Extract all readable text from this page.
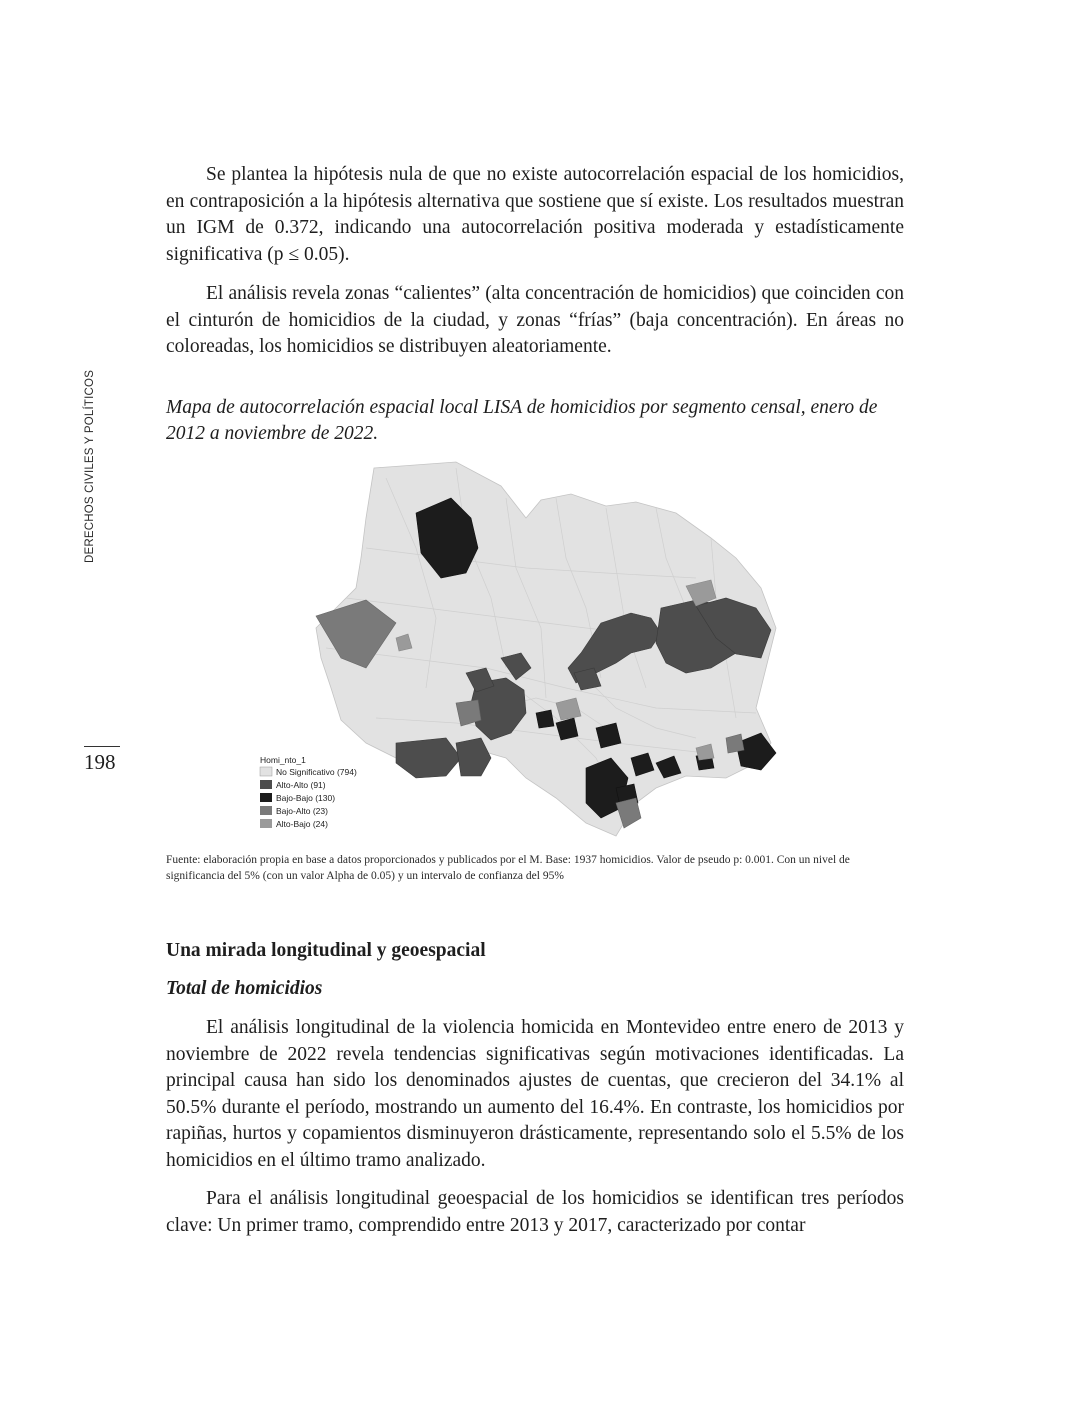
DERECHOS CIVILES Y POLÍTICOS
198

Se plantea la hipótesis nula de que no existe autocorrelación espacial de los homicidios, en contraposición a la hipótesis alternativa que sostiene que sí existe. Los resultados muestran un IGM de 0.372, indicando una autocorrelación positiva moderada y estadísticamente significativa (p ≤ 0.05).

El análisis revela zonas “calientes” (alta concentración de homicidios) que coinciden con el cinturón de homicidios de la ciudad, y zonas “frías” (baja concentración). En áreas no coloreadas, los homicidios se distribuyen aleatoriamente.

Mapa de autocorrelación espacial local LISA de homicidios por segmento censal, enero de 2012 a noviembre de 2022.

Homi_nto_1
No Significativo (794)
Alto-Alto (91)
Bajo-Bajo (130)
Bajo-Alto (23)
Alto-Bajo (24)

Fuente: elaboración propia en base a datos proporcionados y publicados por el M. Base: 1937 homicidios. Valor de pseudo p: 0.001. Con un nivel de significancia del 5% (con un valor Alpha de 0.05) y un intervalo de confianza del 95%

Una mirada longitudinal y geoespacial
Total de homicidios

El análisis longitudinal de la violencia homicida en Montevideo entre enero de 2013 y noviembre de 2022 revela tendencias significativas según motivaciones identificadas. La principal causa han sido los denominados ajustes de cuentas, que crecieron del 34.1% al 50.5% durante el período, mostrando un aumento del 16.4%. En contraste, los homicidios por rapiñas, hurtos y copamientos disminuyeron drásticamente, representando solo el 5.5% de los homicidios en el último tramo analizado.

Para el análisis longitudinal geoespacial de los homicidios se identifican tres períodos clave: Un primer tramo, comprendido entre 2013 y 2017, caracterizado por contar
